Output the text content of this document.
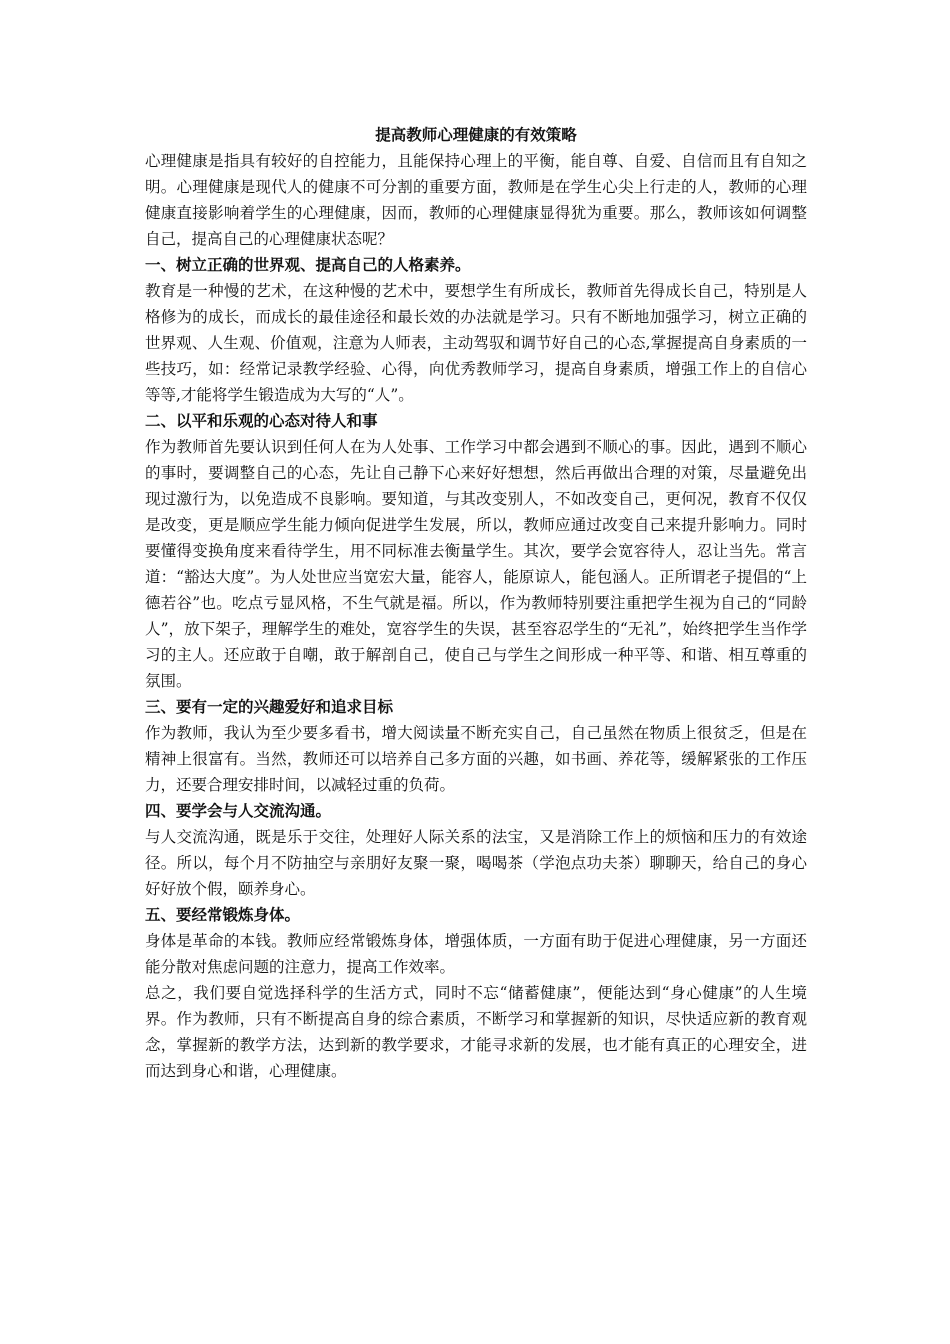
提高教师心理健康的有效策略

心理健康是指具有较好的自控能力，且能保持心理上的平衡，能自尊、自爱、自信而且有自知之明。心理健康是现代人的健康不可分割的重要方面，教师是在学生心尖上行走的人，教师的心理健康直接影响着学生的心理健康，因而，教师的心理健康显得犹为重要。那么，教师该如何调整自己，提高自己的心理健康状态呢？

一、树立正确的世界观、提高自己的人格素养。

教育是一种慢的艺术，在这种慢的艺术中，要想学生有所成长，教师首先得成长自己，特别是人格修为的成长，而成长的最佳途径和最长效的办法就是学习。只有不断地加强学习，树立正确的世界观、人生观、价值观，注意为人师表，主动驾驭和调节好自己的心态,掌握提高自身素质的一些技巧，如：经常记录教学经验、心得，向优秀教师学习，提高自身素质，增强工作上的自信心等等,才能将学生锻造成为大写的“人”。

二、以平和乐观的心态对待人和事

作为教师首先要认识到任何人在为人处事、工作学习中都会遇到不顺心的事。因此，遇到不顺心的事时，要调整自己的心态，先让自己静下心来好好想想，然后再做出合理的对策，尽量避免出现过激行为，以免造成不良影响。要知道，与其改变别人，不如改变自己，更何况，教育不仅仅是改变，更是顺应学生能力倾向促进学生发展，所以，教师应通过改变自己来提升影响力。同时要懂得变换角度来看待学生，用不同标准去衡量学生。其次，要学会宽容待人，忍让当先。常言道：“豁达大度”。为人处世应当宽宏大量，能容人，能原谅人，能包涵人。正所谓老子提倡的“上德若谷”也。吃点亏显风格，不生气就是福。所以，作为教师特别要注重把学生视为自己的“同龄人”，放下架子，理解学生的难处，宽容学生的失误，甚至容忍学生的“无礼”，始终把学生当作学习的主人。还应敢于自嘲，敢于解剖自己，使自己与学生之间形成一种平等、和谐、相互尊重的氛围。

三、要有一定的兴趣爱好和追求目标

作为教师，我认为至少要多看书，增大阅读量不断充实自己，自己虽然在物质上很贫乏，但是在精神上很富有。当然，教师还可以培养自己多方面的兴趣，如书画、养花等，缓解紧张的工作压力，还要合理安排时间，以减轻过重的负荷。

四、要学会与人交流沟通。

与人交流沟通，既是乐于交往，处理好人际关系的法宝，又是消除工作上的烦恼和压力的有效途径。所以，每个月不防抽空与亲朋好友聚一聚，喝喝茶（学泡点功夫茶）聊聊天，给自己的身心好好放个假，颐养身心。

五、要经常锻炼身体。

身体是革命的本钱。教师应经常锻炼身体，增强体质，一方面有助于促进心理健康，另一方面还能分散对焦虑问题的注意力，提高工作效率。

总之，我们要自觉选择科学的生活方式，同时不忘“储蓄健康”，便能达到“身心健康”的人生境界。作为教师，只有不断提高自身的综合素质，不断学习和掌握新的知识，尽快适应新的教育观念，掌握新的教学方法，达到新的教学要求，才能寻求新的发展，也才能有真正的心理安全，进而达到身心和谐，心理健康。
